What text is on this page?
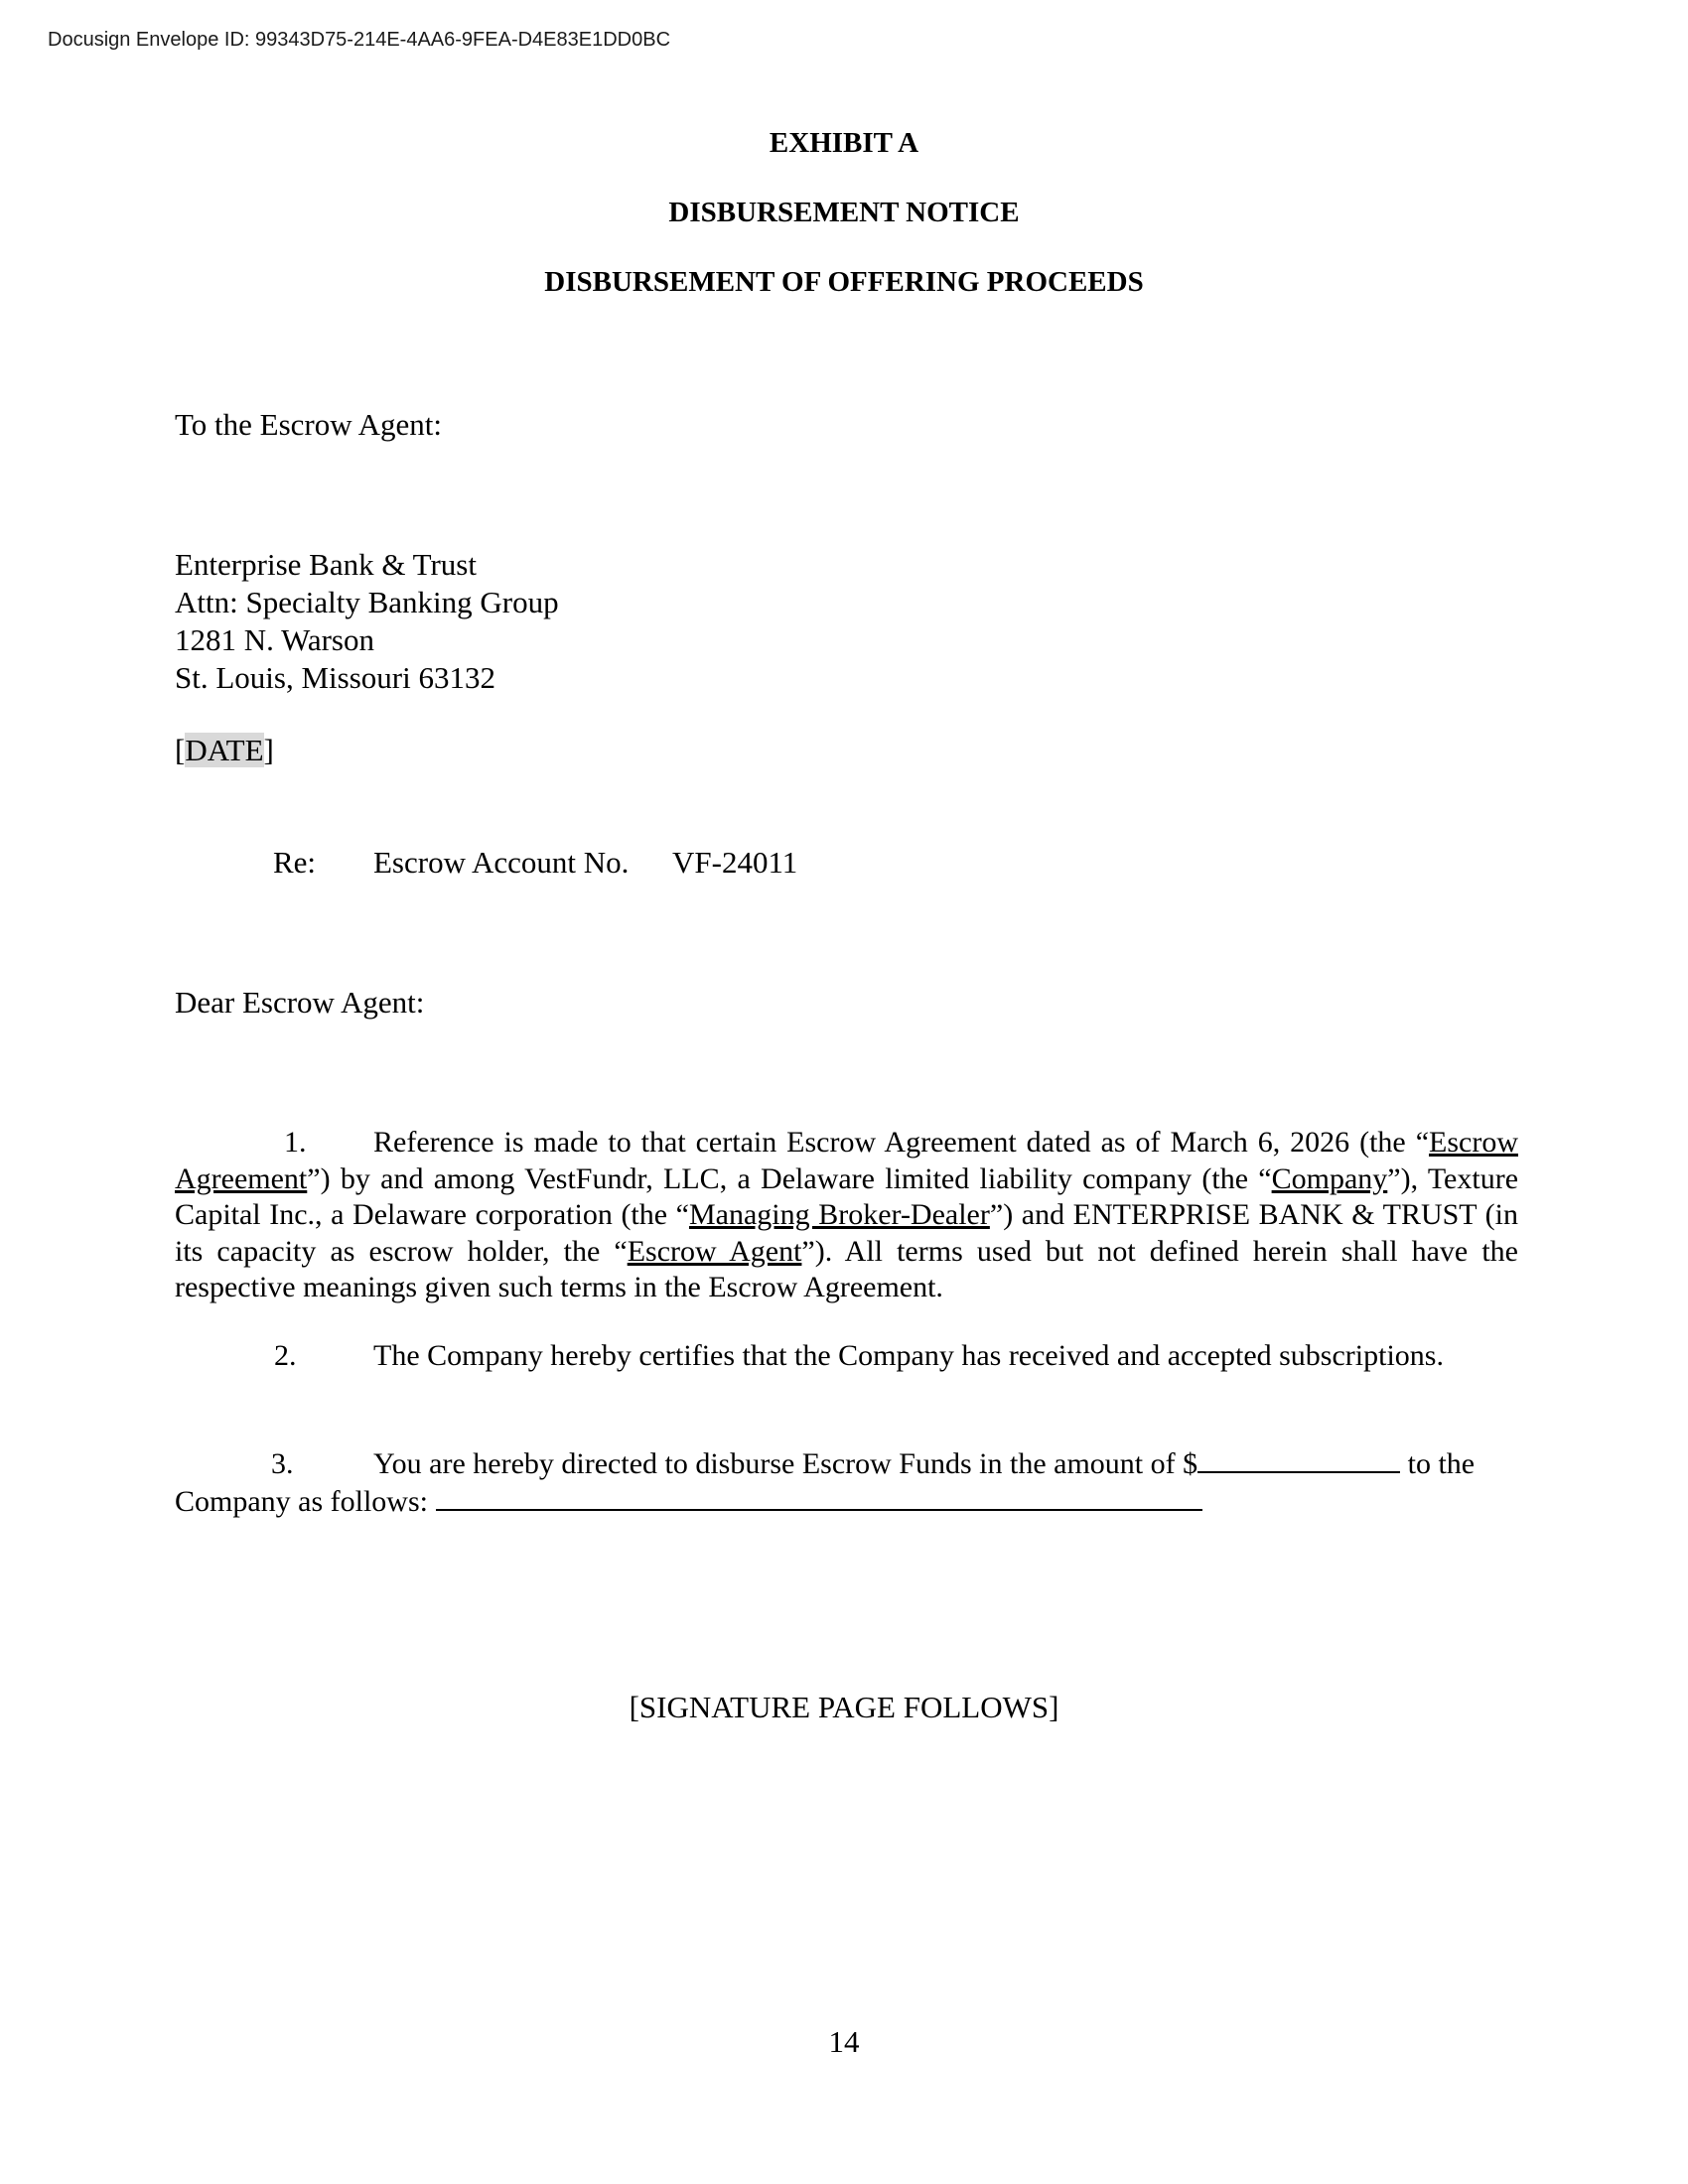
Docusign Envelope ID: 99343D75-214E-4AA6-9FEA-D4E83E1DD0BC
EXHIBIT A
DISBURSEMENT NOTICE
DISBURSEMENT OF OFFERING PROCEEDS
To the Escrow Agent:
Enterprise Bank & Trust
Attn: Specialty Banking Group
1281 N. Warson
St. Louis, Missouri 63132
[DATE]
Re: Escrow Account No. VF-24011
Dear Escrow Agent:
1. Reference is made to that certain Escrow Agreement dated as of March 6, 2026 (the “Escrow Agreement”) by and among VestFundr, LLC, a Delaware limited liability company (the “Company”), Texture Capital Inc., a Delaware corporation (the “Managing Broker-Dealer”) and ENTERPRISE BANK & TRUST (in its capacity as escrow holder, the “Escrow Agent”). All terms used but not defined herein shall have the respective meanings given such terms in the Escrow Agreement.
2.	The Company hereby certifies that the Company has received and accepted subscriptions.
3.	You are hereby directed to disburse Escrow Funds in the amount of $	to the Company as follows:
[SIGNATURE PAGE FOLLOWS]
14
